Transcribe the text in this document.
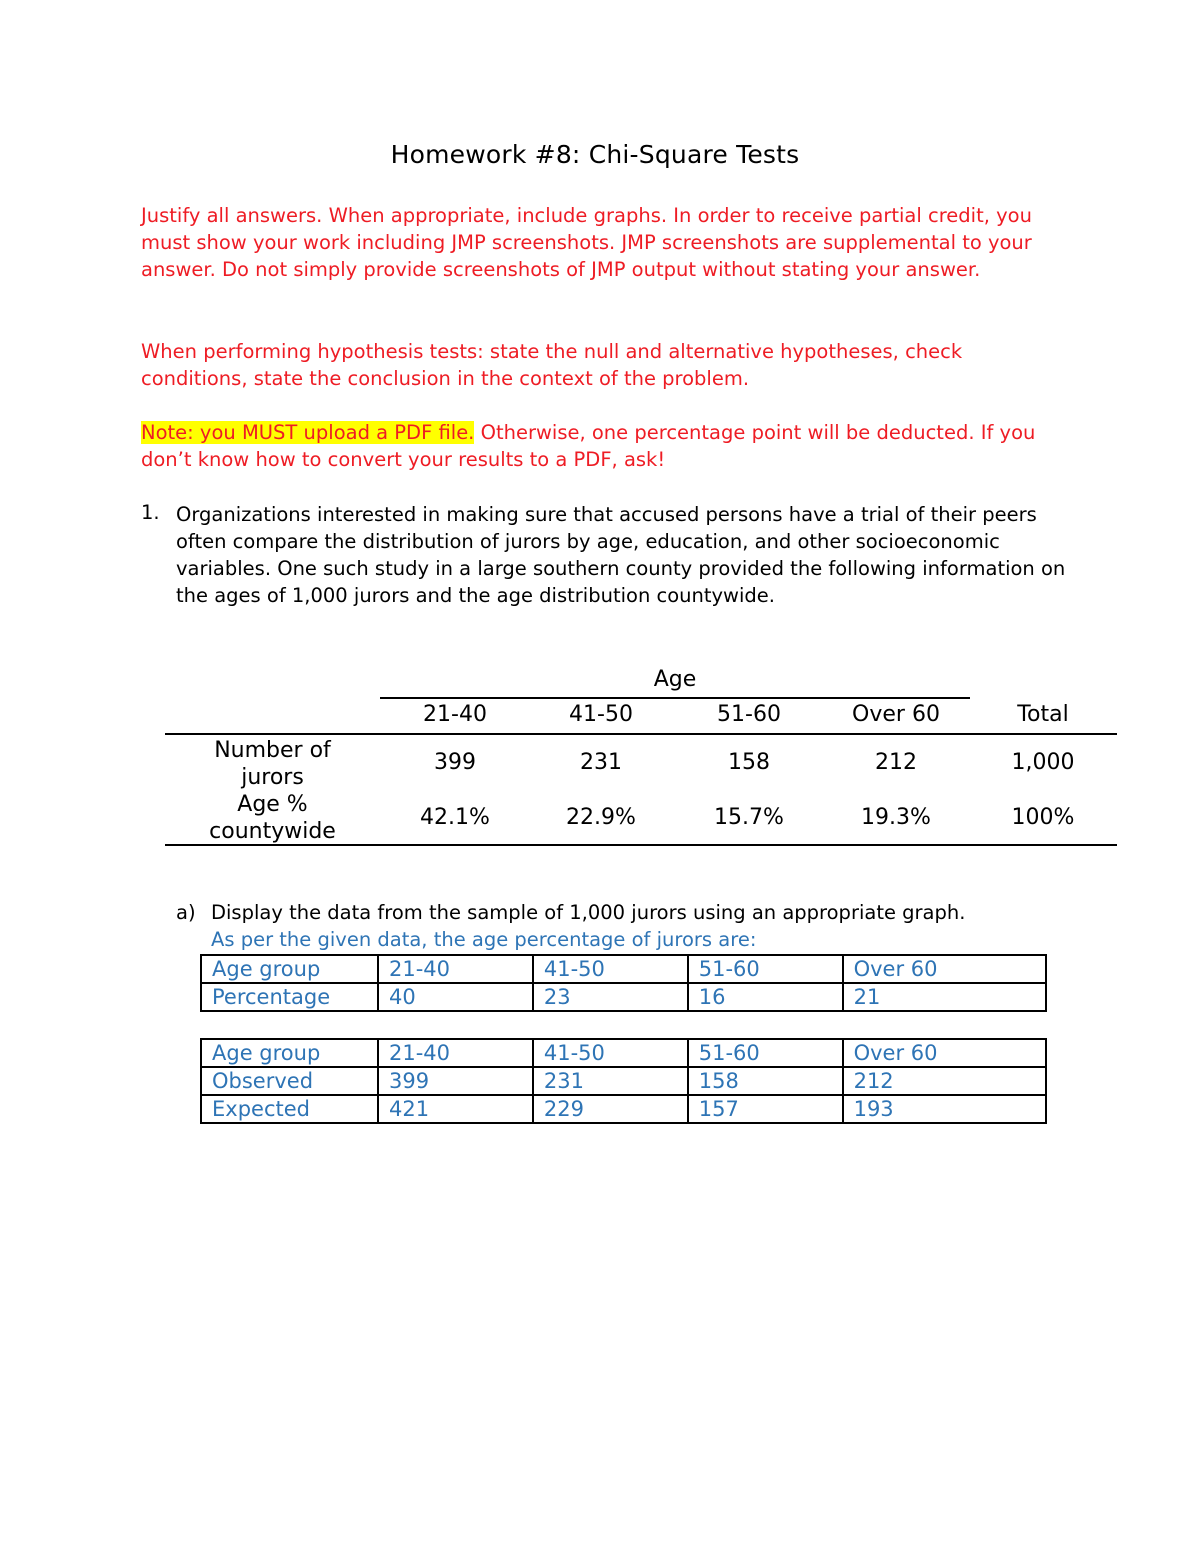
Homework #8: Chi-Square Tests
Justify all answers. When appropriate, include graphs. In order to receive partial credit, you must show your work including JMP screenshots. JMP screenshots are supplemental to your answer. Do not simply provide screenshots of JMP output without stating your answer.
When performing hypothesis tests: state the null and alternative hypotheses, check conditions, state the conclusion in the context of the problem.
Note: you MUST upload a PDF file. Otherwise, one percentage point will be deducted. If you don’t know how to convert your results to a PDF, ask!
1. Organizations interested in making sure that accused persons have a trial of their peers often compare the distribution of jurors by age, education, and other socioeconomic variables. One such study in a large southern county provided the following information on the ages of 1,000 jurors and the age distribution countywide.
Age
21-40	41-50	51-60	Over 60	Total
Number of jurors
399	231	158	212	1,000
Age % countywide
42.1%	22.9%	15.7%	19.3%	100%
a) Display the data from the sample of 1,000 jurors using an appropriate graph.
As per the given data, the age percentage of jurors are:
Age group	21-40	41-50	51-60	Over 60
Percentage	40	23	16	21
Age group	21-40	41-50	51-60	Over 60
Observed	399	231	158	212
Expected	421	229	157	193
